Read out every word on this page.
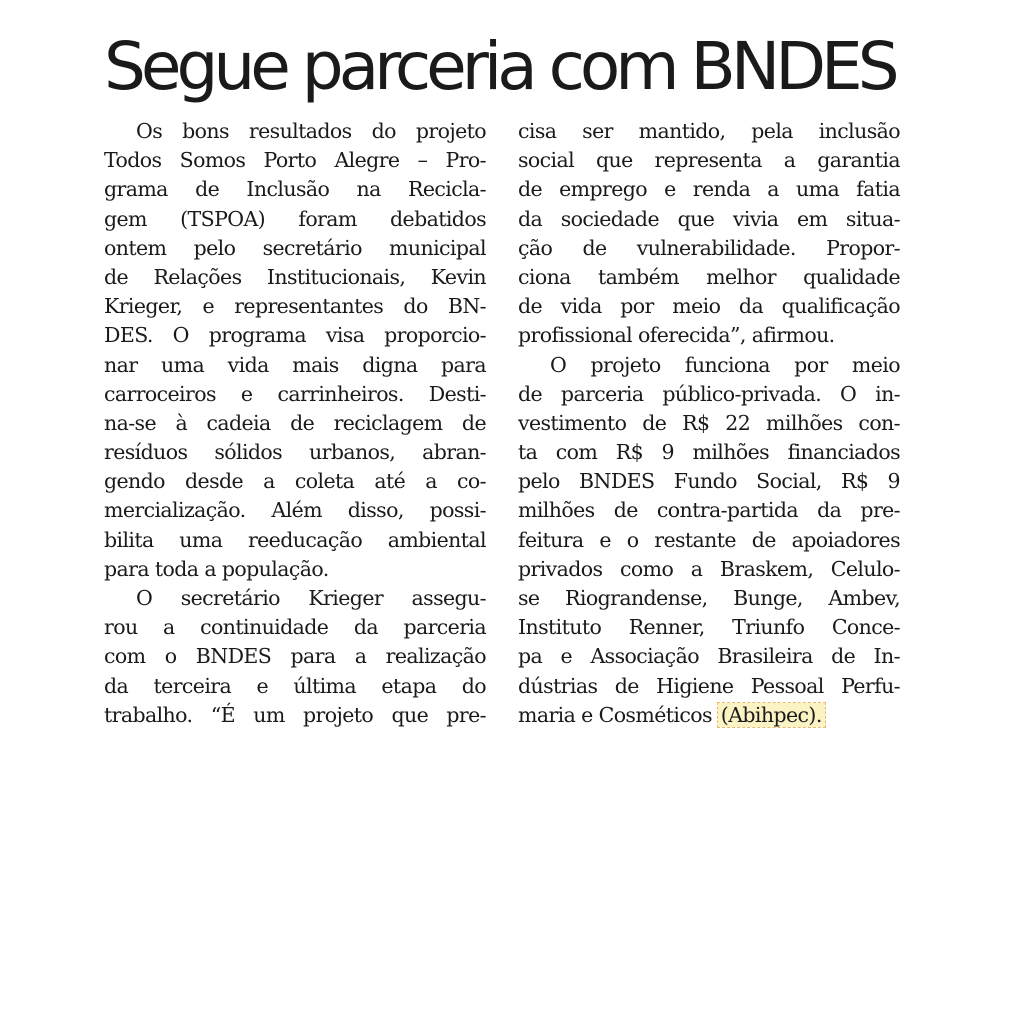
Segue parceria com BNDES
Os bons resultados do projeto
Todos Somos Porto Alegre – Pro-
grama de Inclusão na Recicla-
gem (TSPOA) foram debatidos
ontem pelo secretário municipal
de Relações Institucionais, Kevin
Krieger, e representantes do BN-
DES. O programa visa proporcio-
nar uma vida mais digna para
carroceiros e carrinheiros. Desti-
na-se à cadeia de reciclagem de
resíduos sólidos urbanos, abran-
gendo desde a coleta até a co-
mercialização. Além disso, possi-
bilita uma reeducação ambiental
para toda a população.
O secretário Krieger assegu-
rou a continuidade da parceria
com o BNDES para a realização
da terceira e última etapa do
trabalho. “É um projeto que pre-
cisa ser mantido, pela inclusão
social que representa a garantia
de emprego e renda a uma fatia
da sociedade que vivia em situa-
ção de vulnerabilidade. Propor-
ciona também melhor qualidade
de vida por meio da qualificação
profissional oferecida”, afirmou.
O projeto funciona por meio
de parceria público-privada. O in-
vestimento de R$ 22 milhões con-
ta com R$ 9 milhões financiados
pelo BNDES Fundo Social, R$ 9
milhões de contra-partida da pre-
feitura e o restante de apoiadores
privados como a Braskem, Celulo-
se Riograndense, Bunge, Ambev,
Instituto Renner, Triunfo Conce-
pa e Associação Brasileira de In-
dústrias de Higiene Pessoal Perfu-
maria e Cosméticos (Abihpec).
